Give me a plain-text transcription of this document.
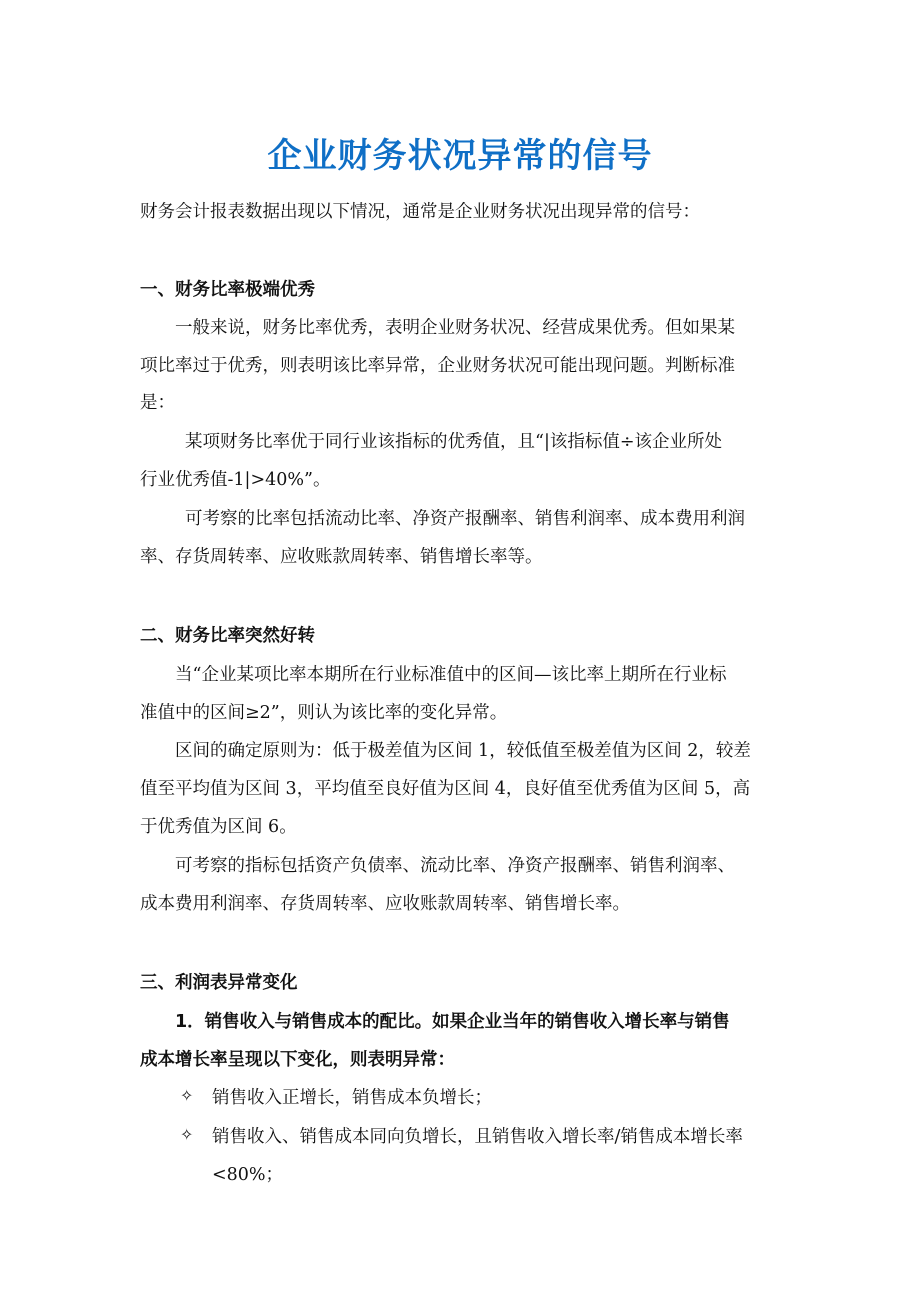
企业财务状况异常的信号
财务会计报表数据出现以下情况，通常是企业财务状况出现异常的信号：
一、财务比率极端优秀
一般来说，财务比率优秀，表明企业财务状况、经营成果优秀。但如果某
项比率过于优秀，则表明该比率异常，企业财务状况可能出现问题。判断标准
是：
某项财务比率优于同行业该指标的优秀值，且“|该指标值÷该企业所处
行业优秀值-1|>40%”。
可考察的比率包括流动比率、净资产报酬率、销售利润率、成本费用利润
率、存货周转率、应收账款周转率、销售增长率等。
二、财务比率突然好转
当“企业某项比率本期所在行业标准值中的区间—该比率上期所在行业标
准值中的区间≥2”，则认为该比率的变化异常。
区间的确定原则为：低于极差值为区间 1，较低值至极差值为区间 2，较差
值至平均值为区间 3，平均值至良好值为区间 4，良好值至优秀值为区间 5，高
于优秀值为区间 6。
可考察的指标包括资产负债率、流动比率、净资产报酬率、销售利润率、
成本费用利润率、存货周转率、应收账款周转率、销售增长率。
三、利润表异常变化
1．销售收入与销售成本的配比。如果企业当年的销售收入增长率与销售
成本增长率呈现以下变化，则表明异常：
✧ 销售收入正增长，销售成本负增长；
✧ 销售收入、销售成本同向负增长，且销售收入增长率/销售成本增长率
<80%；
